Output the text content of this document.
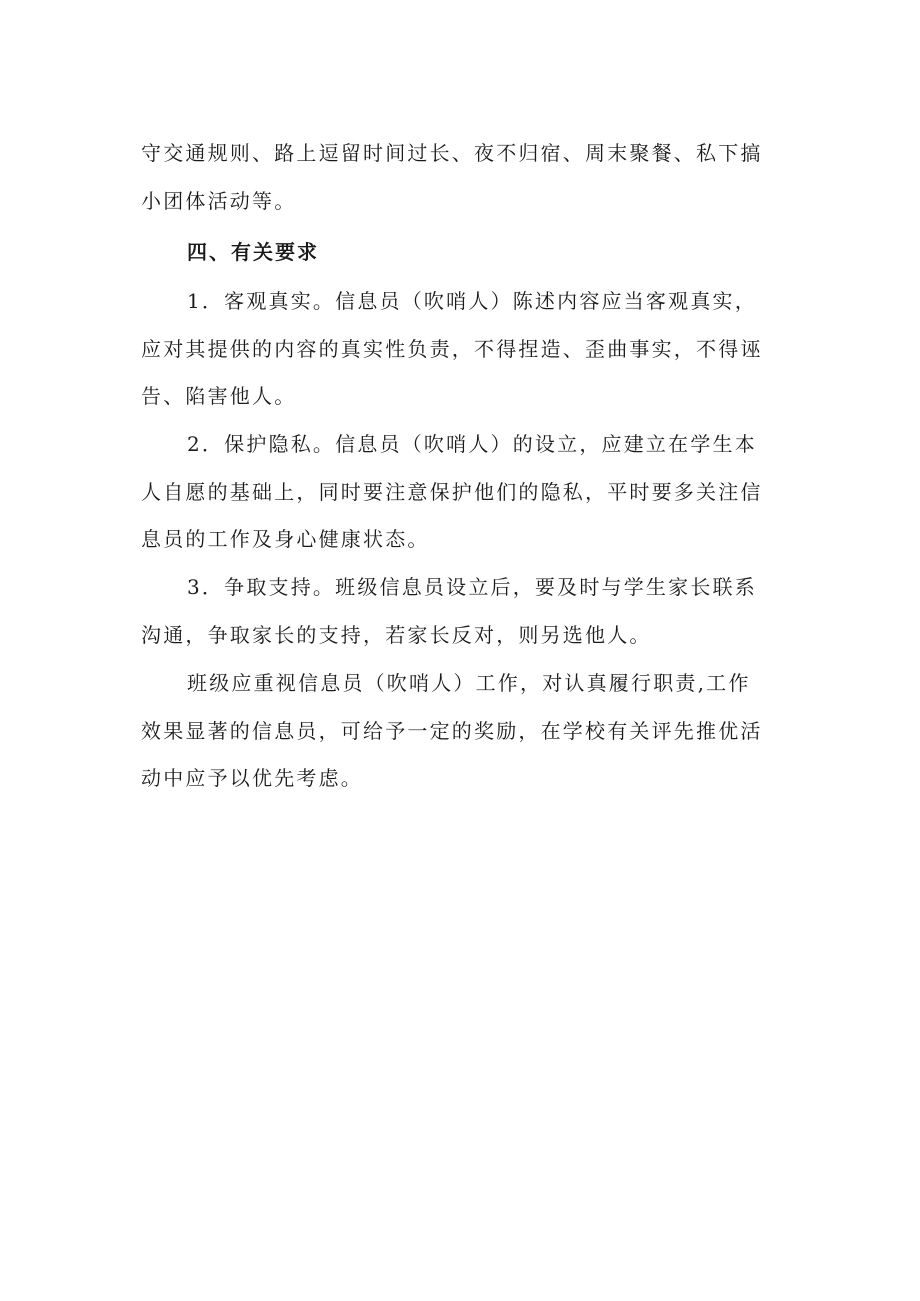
守交通规则、路上逗留时间过长、夜不归宿、周末聚餐、私下搞
小团体活动等。

四、有关要求

1．客观真实。信息员（吹哨人）陈述内容应当客观真实，
应对其提供的内容的真实性负责，不得捏造、歪曲事实，不得诬
告、陷害他人。

2．保护隐私。信息员（吹哨人）的设立，应建立在学生本
人自愿的基础上，同时要注意保护他们的隐私，平时要多关注信
息员的工作及身心健康状态。

3．争取支持。班级信息员设立后，要及时与学生家长联系
沟通，争取家长的支持，若家长反对，则另选他人。

班级应重视信息员（吹哨人）工作，对认真履行职责,工作
效果显著的信息员，可给予一定的奖励，在学校有关评先推优活
动中应予以优先考虑。
